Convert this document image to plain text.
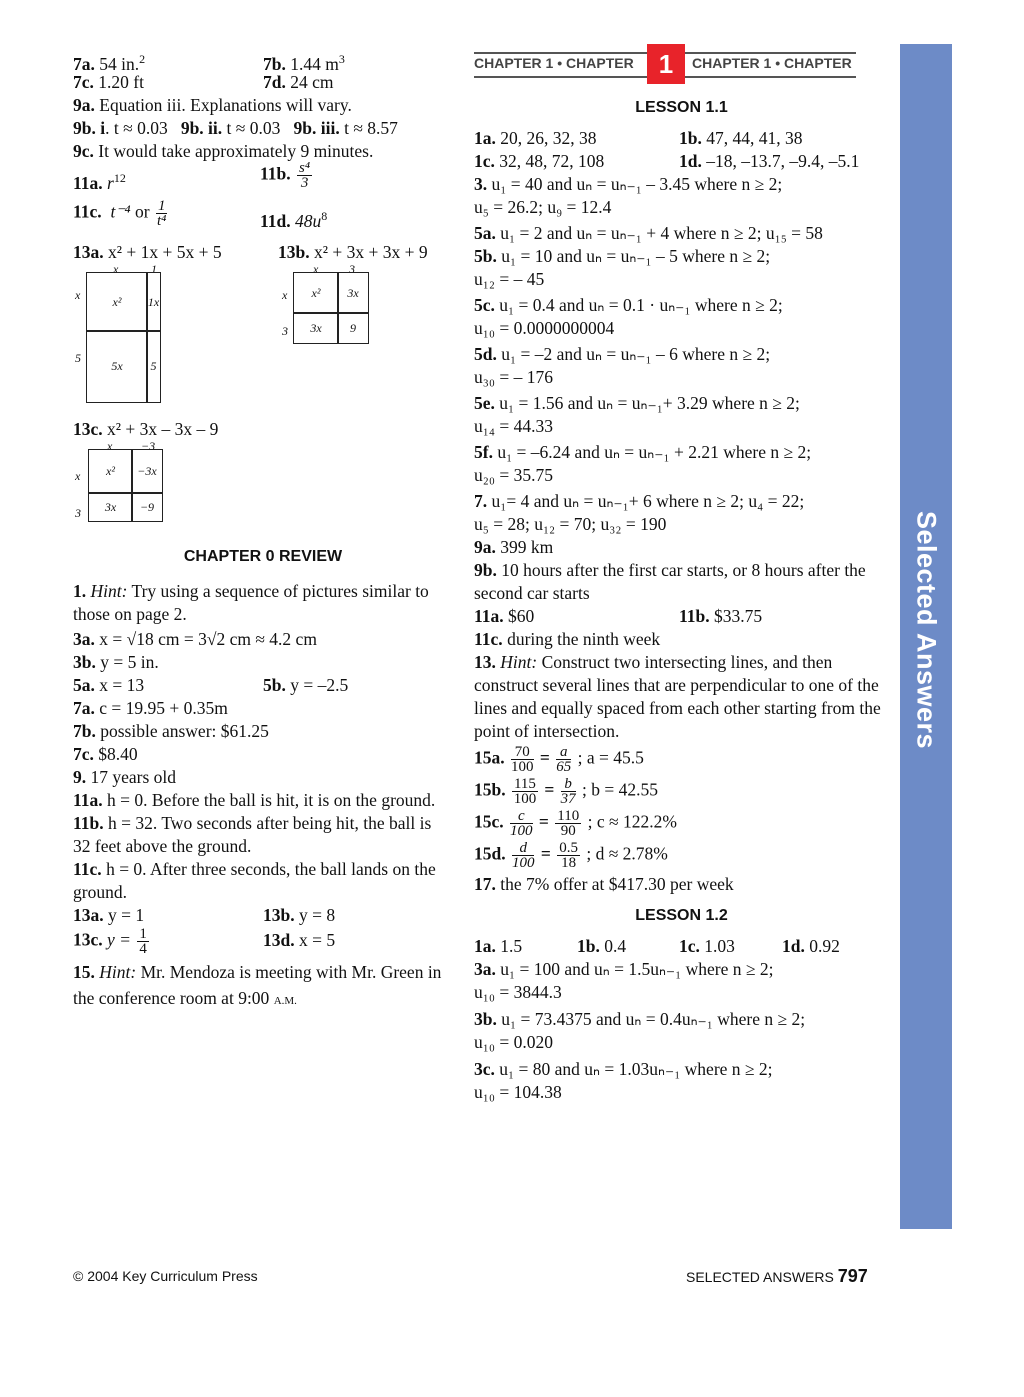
Selected Answers
CHAPTER 1 • CHAPTER 1	CHAPTER 1 • CHAPTER
7a. 54 in.$^2$	7b. 1.44 $m^3$
7c. 1.20 ft	7d. 24 cm
9a. Equation iii. Explanations will vary.
9b. i. t ≈ 0.03 9b. ii. t ≈ 0.03 9b. iii. t ≈ 8.57
9c. It would take approximately 9 minutes.
11a. $r^{12}$	11b. $\frac{\text{s⁴}}{3}$
11c. t⁻⁴ or $\frac{1}{\text{t⁴}}$	11d. $48u^8$
13a. x² + 1x + 5x + 5	13b. x² + 3x + 3x + 9
x	1
x
5
x²	1x
5x	5
x	3
x
3
x²	3x
3x	9
13c. x² + 3x – 3x – 9
x −3
x
3
x²	−3x
3x	−9
CHAPTER 0 REVIEW
1. Hint: Try using a sequence of pictures similar to those on page 2.
3a. x = √18 cm = 3√2 cm ≈ 4.2 cm
3b. y = 5 in.
5a. x = 13	5b. y = –2.5
7a. c = 19.95 + 0.35m
7b. possible answer: $61.25
7c. $8.40
9. 17 years old
11a. h = 0. Before the ball is hit, it is on the ground.
11b. h = 32. Two seconds after being hit, the ball is 32 feet above the ground.
11c. h = 0. After three seconds, the ball lands on the ground.
13a. y = 1	13b. y = 8
13c. $y = \frac{1}{4}$	13d. x = 5
15. Hint: Mr. Mendoza is meeting with Mr. Green in the conference room at 9:00 A.M.
LESSON 1.1
1a. 20, 26, 32, 38	1b. 47, 44, 41, 38
1c. 32, 48, 72, 108	1d. –18, –13.7, –9.4, –5.1
3. u₁ = 40 and uₙ = uₙ₋₁ – 3.45 where n ≥ 2;
u₅ = 26.2; u₉ = 12.4
5a. u₁ = 2 and uₙ = uₙ₋₁ + 4 where n ≥ 2; u₁₅ = 58
5b. u₁ = 10 and uₙ = uₙ₋₁ – 5 where n ≥ 2;
u₁₂ = – 45
5c. u₁ = 0.4 and uₙ = 0.1 · uₙ₋₁ where n ≥ 2;
u₁₀ = 0.0000000004
5d. u₁ = –2 and uₙ = uₙ₋₁ – 6 where n ≥ 2;
u₃₀ = – 176
5e. u₁ = 1.56 and uₙ = uₙ₋₁+ 3.29 where n ≥ 2;
u₁₄ = 44.33
5f. u₁ = –6.24 and uₙ = uₙ₋₁ + 2.21 where n ≥ 2;
u₂₀ = 35.75
7. u₁= 4 and uₙ = uₙ₋₁+ 6 where n ≥ 2; u₄ = 22;
u₅ = 28; u₁₂ = 70; u₃₂ = 190
9a. 399 km
9b. 10 hours after the first car starts, or 8 hours after the second car starts
11a. $60	11b. $33.75
11c. during the ninth week
13. Hint: Construct two intersecting lines, and then construct several lines that are perpendicular to one of the lines and equally spaced from each other starting from the point of intersection.
15a. $\frac{70}{100} = \frac{a}{65}$ ; a = 45.5
15b. $\frac{115}{100} = \frac{b}{37}$ ; b = 42.55
15c. $\frac{c}{100} = \frac{110}{90}$ ; c ≈ 122.2%
15d. $\frac{d}{100} = \frac{0.5}{18}$ ; d ≈ 2.78%
17. the 7% offer at $417.30 per week
LESSON 1.2
1a. 1.5	1b. 0.4	1c. 1.03	1d. 0.92
3a. u₁ = 100 and uₙ = 1.5uₙ₋₁ where n ≥ 2;
u₁₀ = 3844.3
3b. u₁ = 73.4375 and uₙ = 0.4uₙ₋₁ where n ≥ 2;
u₁₀ = 0.020
3c. u₁ = 80 and uₙ = 1.03uₙ₋₁ where n ≥ 2;
u₁₀ = 104.38
© 2004 Key Curriculum Press	SELECTED ANSWERS 797
